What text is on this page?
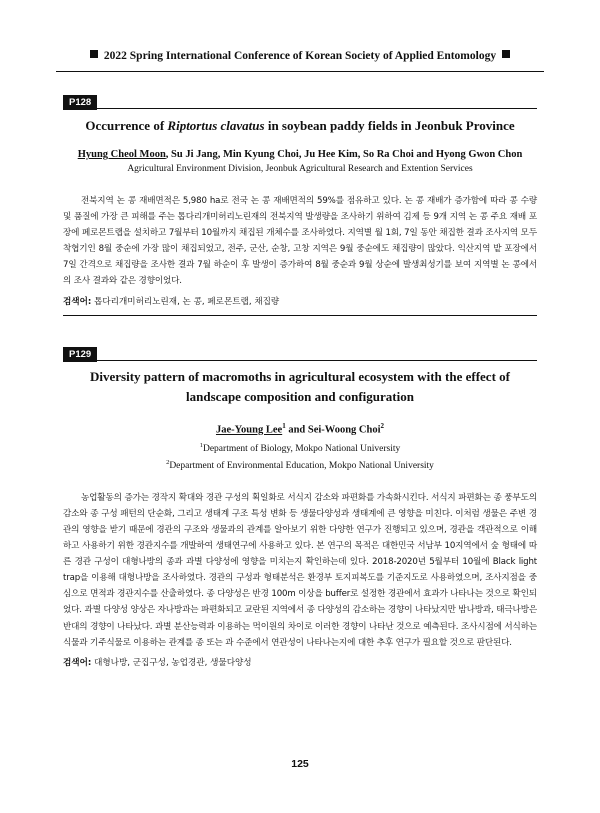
2022 Spring International Conference of Korean Society of Applied Entomology
P128
Occurrence of Riptortus clavatus in soybean paddy fields in Jeonbuk Province
Hyung Cheol Moon, Su Ji Jang, Min Kyung Choi, Ju Hee Kim, So Ra Choi and Hyong Gwon Chon
Agricultural Environment Division, Jeonbuk Agricultural Research and Extention Services

전북지역 논 콩 재배면적은 5,980 ha로 전국 논 콩 재배면적의 59%를 점유하고 있다. 논 콩 재배가 증가함에 따라 콩 수량 및 품질에 가장 큰 피해를 주는 톱다리개미허리노린재의 전북지역 발생량을 조사하기 위하여 김제 등 9개 지역 논 콩 주요 재배 포장에 페로몬트랩을 설치하고 7월부터 10월까지 채집된 개체수를 조사하였다. 지역별 월 1회, 7일 동안 채집한 결과 조사지역 모두 착협기인 8월 중순에 가장 많이 채집되었고, 전주, 군산, 순창, 고창 지역은 9월 중순에도 채집량이 많았다. 익산지역 밭 포장에서 7일 간격으로 채집량을 조사한 결과 7월 하순이 후 발생이 증가하여 8월 중순과 9월 상순에 발생최성기를 보여 지역별 논 콩에서의 조사 결과와 같은 경향이었다.

검색어: 톱다리개미허리노린재, 논 콩, 페로몬트랩, 채집량
P129
Diversity pattern of macromoths in agricultural ecosystem with the effect of
landscape composition and configuration
Jae-Young Lee$^1$ and Sei-Woong Choi$^2$
$^1$Department of Biology, Mokpo National University
$^2$Department of Environmental Education, Mokpo National University

농업활동의 증가는 경작지 확대와 경관 구성의 획일화로 서식지 감소와 파편화를 가속화시킨다. 서식지 파편화는 종 풍부도의 감소와 종 구성 패턴의 단순화, 그리고 생태계 구조 특성 변화 등 생물다양성과 생태계에 큰 영향을 미친다. 이처럼 생물은 주변 경관의 영향을 받기 때문에 경관의 구조와 생물과의 관계를 알아보기 위한 다양한 연구가 진행되고 있으며, 경관을 객관적으로 이해하고 사용하기 위한 경관지수를 개발하여 생태연구에 사용하고 있다. 본 연구의 목적은 대한민국 서남부 10지역에서 숲 형태에 따른 경관 구성이 대형나방의 종과 과별 다양성에 영향을 미치는지 확인하는데 있다. 2018-2020년 5월부터 10월에 Black light trap을 이용해 대형나방을 조사하였다. 경관의 구성과 형태분석은 환경부 토지피복도를 기준지도로 사용하였으며, 조사지점을 중심으로 면적과 경관지수를 산출하였다. 종 다양성은 반경 100m 이상을 buffer로 설정한 경관에서 효과가 나타나는 것으로 확인되었다. 과별 다양성 양상은 자나방과는 파편화되고 교란된 지역에서 종 다양성의 감소하는 경향이 나타났지만 밤나방과, 태극나방은 반대의 경향이 나타났다. 과별 분산능력과 이용하는 먹이원의 차이로 이러한 경향이 나타난 것으로 예측된다. 조사시점에 서식하는 식물과 기주식물로 이용하는 관계를 종 또는 과 수준에서 연관성이 나타나는지에 대한 추후 연구가 필요할 것으로 판단된다.

검색어: 대형나방, 군집구성, 농업경관, 생물다양성
125
